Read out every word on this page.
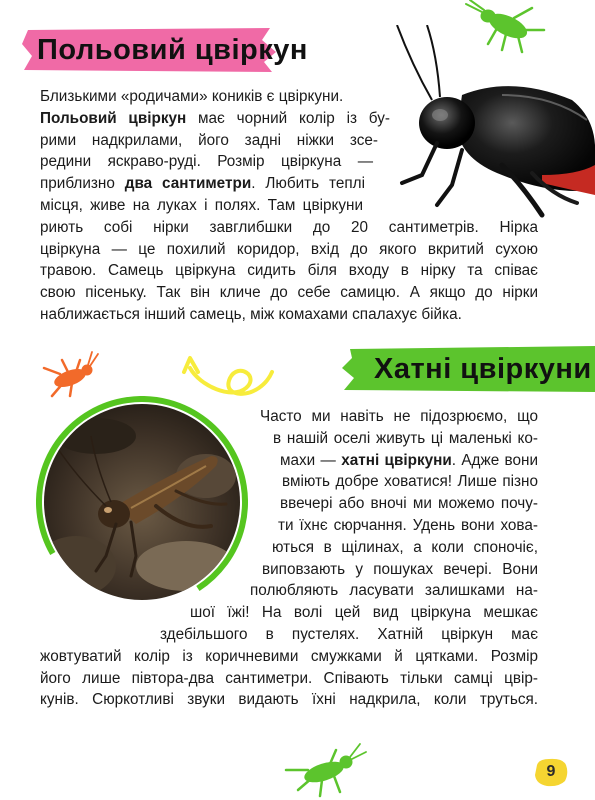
Польовий цвіркун
Близькими «родичами» коників є цвіркуни.
Польовий цвіркун має чорний колір із бу-
рими надкрилами, його задні ніжки зсе-
редини яскраво-руді. Розмір цвіркуна —
приблизно два сантиметри. Любить теплі
місця, живе на луках і полях. Там цвіркуни
риють собі нірки завглибшки до 20 сантиметрів. Нірка
цвіркуна — це похилий коридор, вхід до якого вкритий сухою
травою. Самець цвіркуна сидить біля входу в нірку та співає
свою пісеньку. Так він кличе до себе самицю. А якщо до нірки
наближається інший самець, між комахами спалахує бійка.
Хатні цвіркуни
Часто ми навіть не підозрюємо, що
в нашій оселі живуть ці маленькі ко-
махи — хатні цвіркуни. Адже вони
вміють добре ховатися! Лише пізно
ввечері або вночі ми можемо почу-
ти їхнє сюрчання. Удень вони хова-
ються в щілинах, а коли споночіє,
виповзають у пошуках вечері. Вони
полюбляють ласувати залишками на-
шої їжі! На волі цей вид цвіркуна мешкає
здебільшого в пустелях. Хатній цвіркун має
жовтуватий колір із коричневими смужками й цятками. Розмір
його лише півтора-два сантиметри. Співають тільки самці цвір-
кунів. Сюркотливі звуки видають їхні надкрила, коли труться.
9
